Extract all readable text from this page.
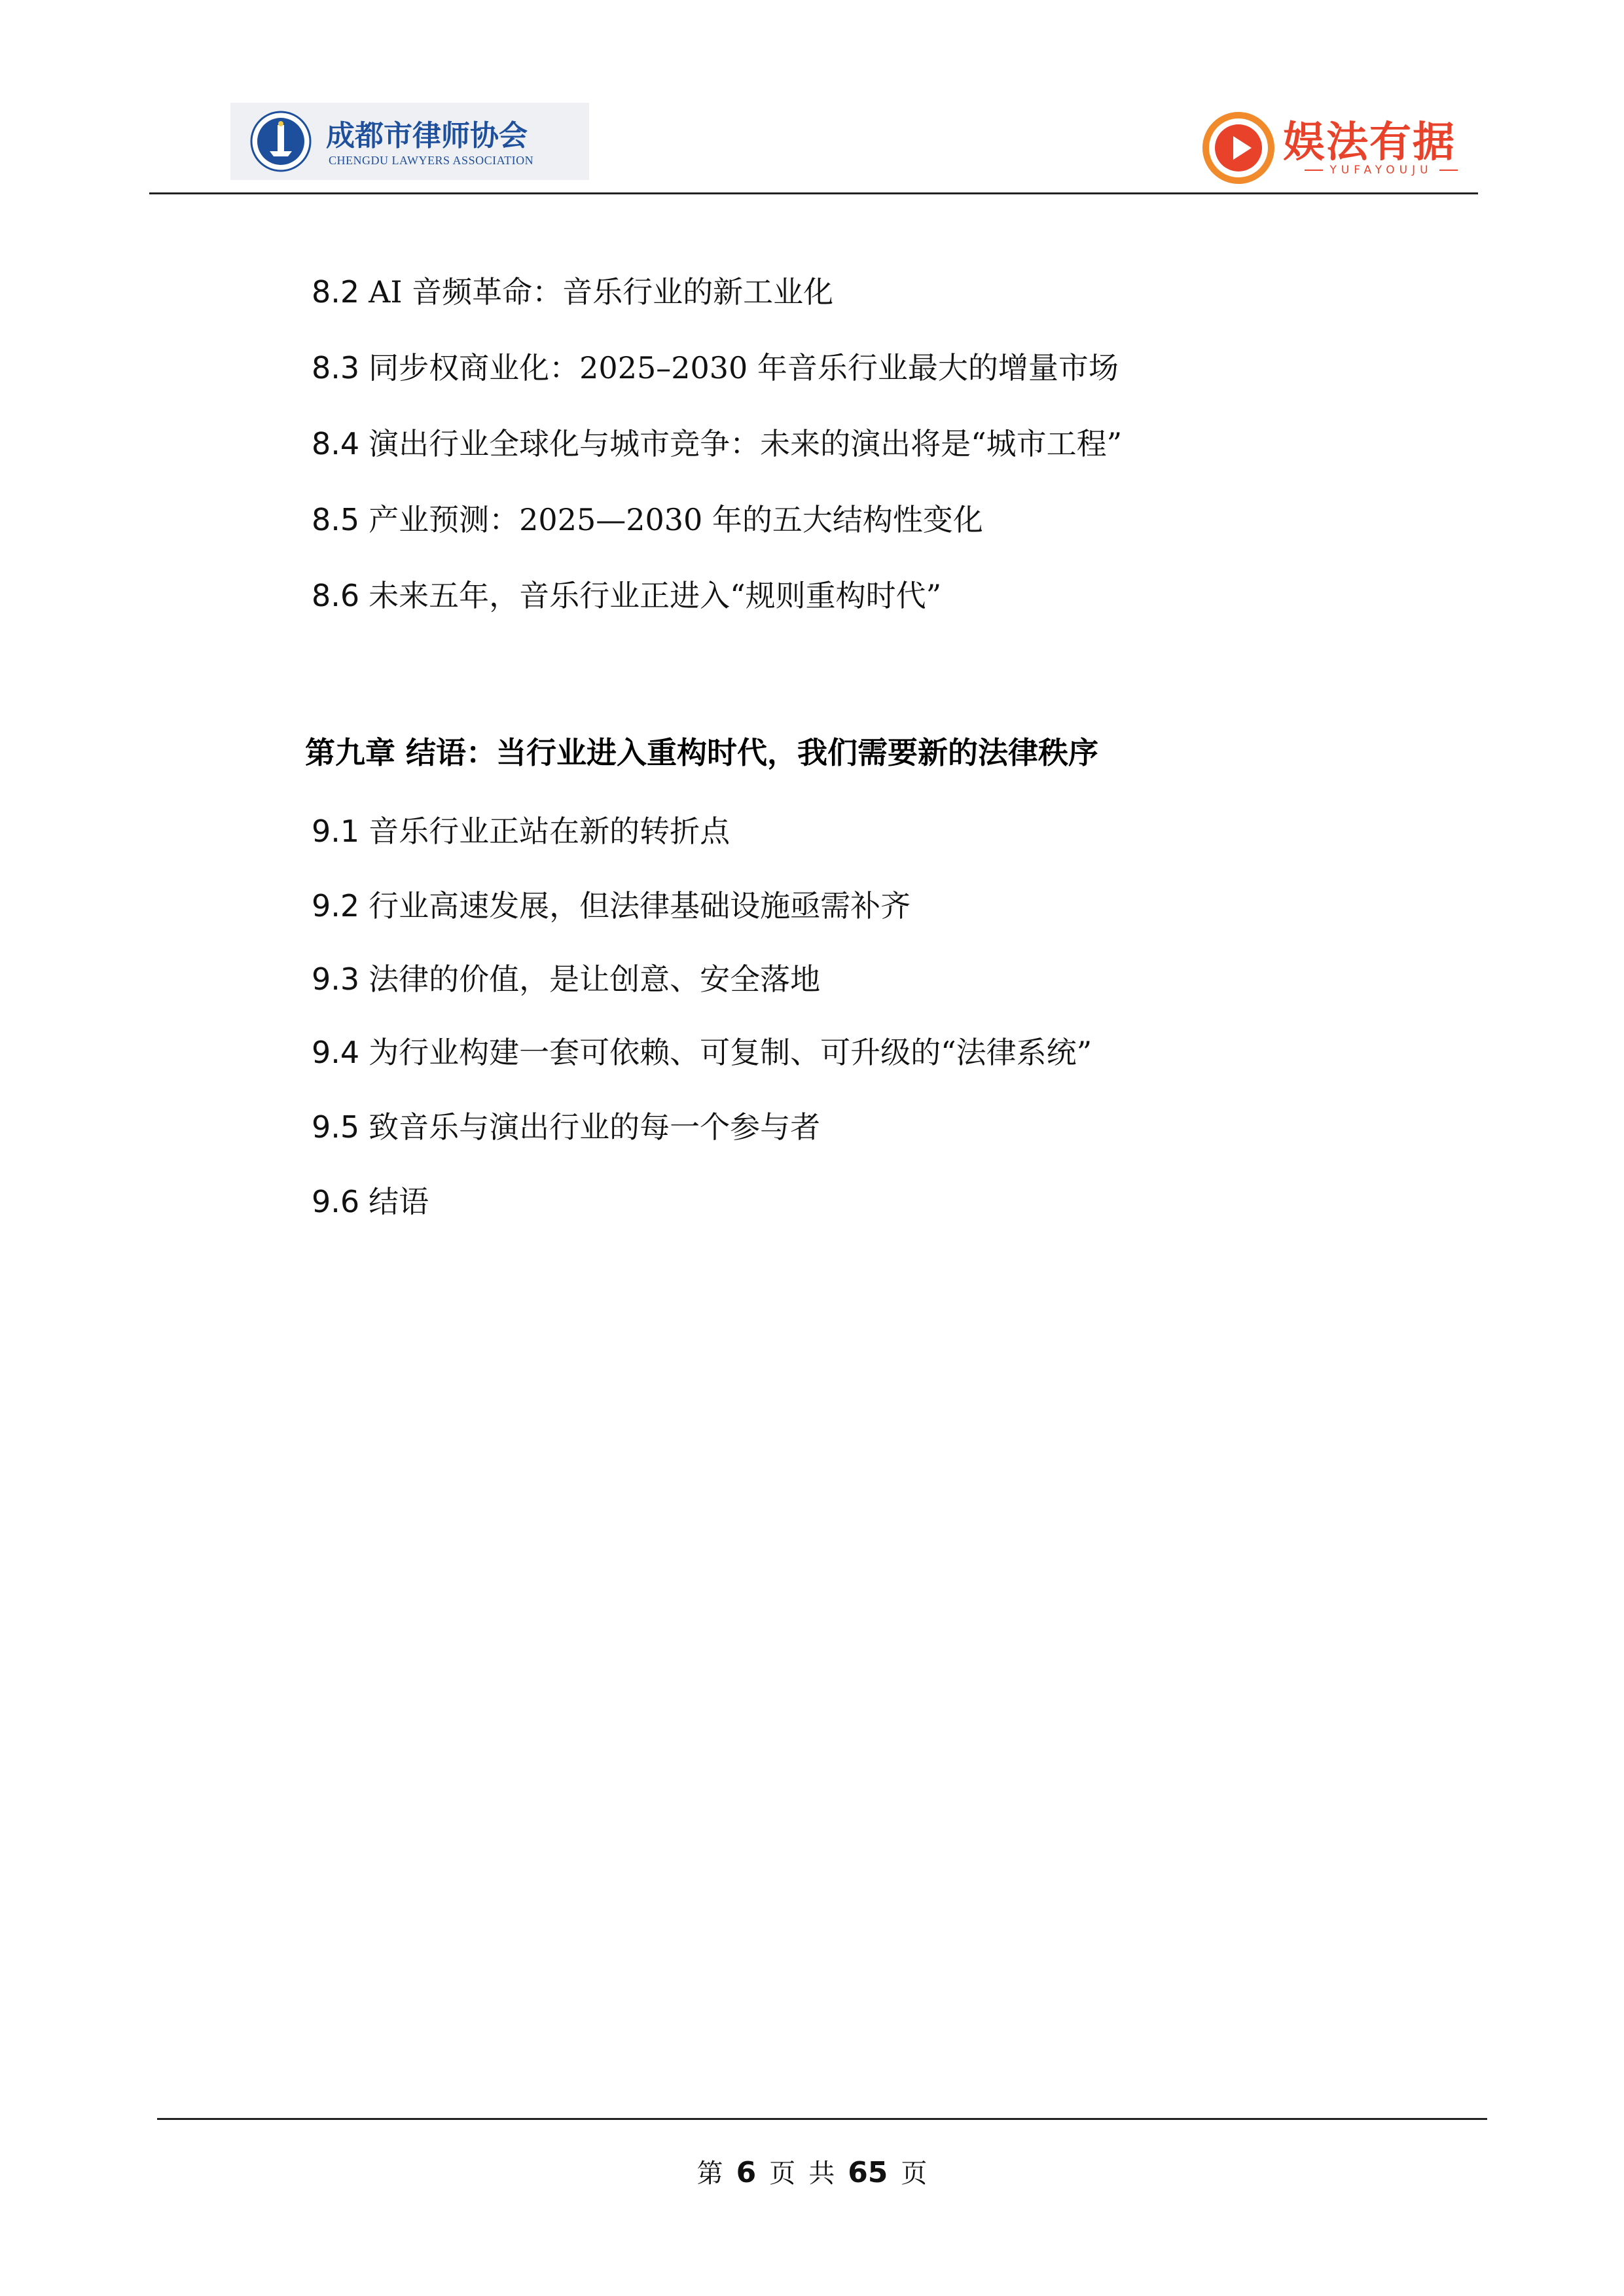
成都市律师协会
CHENGDU LAWYERS ASSOCIATION	娱法有据
YUFAYOUJU
8.2 AI 音频革命：音乐行业的新工业化
8.3 同步权商业化：2025–2030 年音乐行业最大的增量市场
8.4 演出行业全球化与城市竞争：未来的演出将是“城市工程”
8.5 产业预测：2025—2030 年的五大结构性变化
8.6 未来五年，音乐行业正进入“规则重构时代”
第九章 结语：当行业进入重构时代，我们需要新的法律秩序
9.1 音乐行业正站在新的转折点
9.2 行业高速发展，但法律基础设施亟需补齐
9.3 法律的价值，是让创意、安全落地
9.4 为行业构建一套可依赖、可复制、可升级的“法律系统”
9.5 致音乐与演出行业的每一个参与者
9.6 结语
第 6 页 共 65 页
